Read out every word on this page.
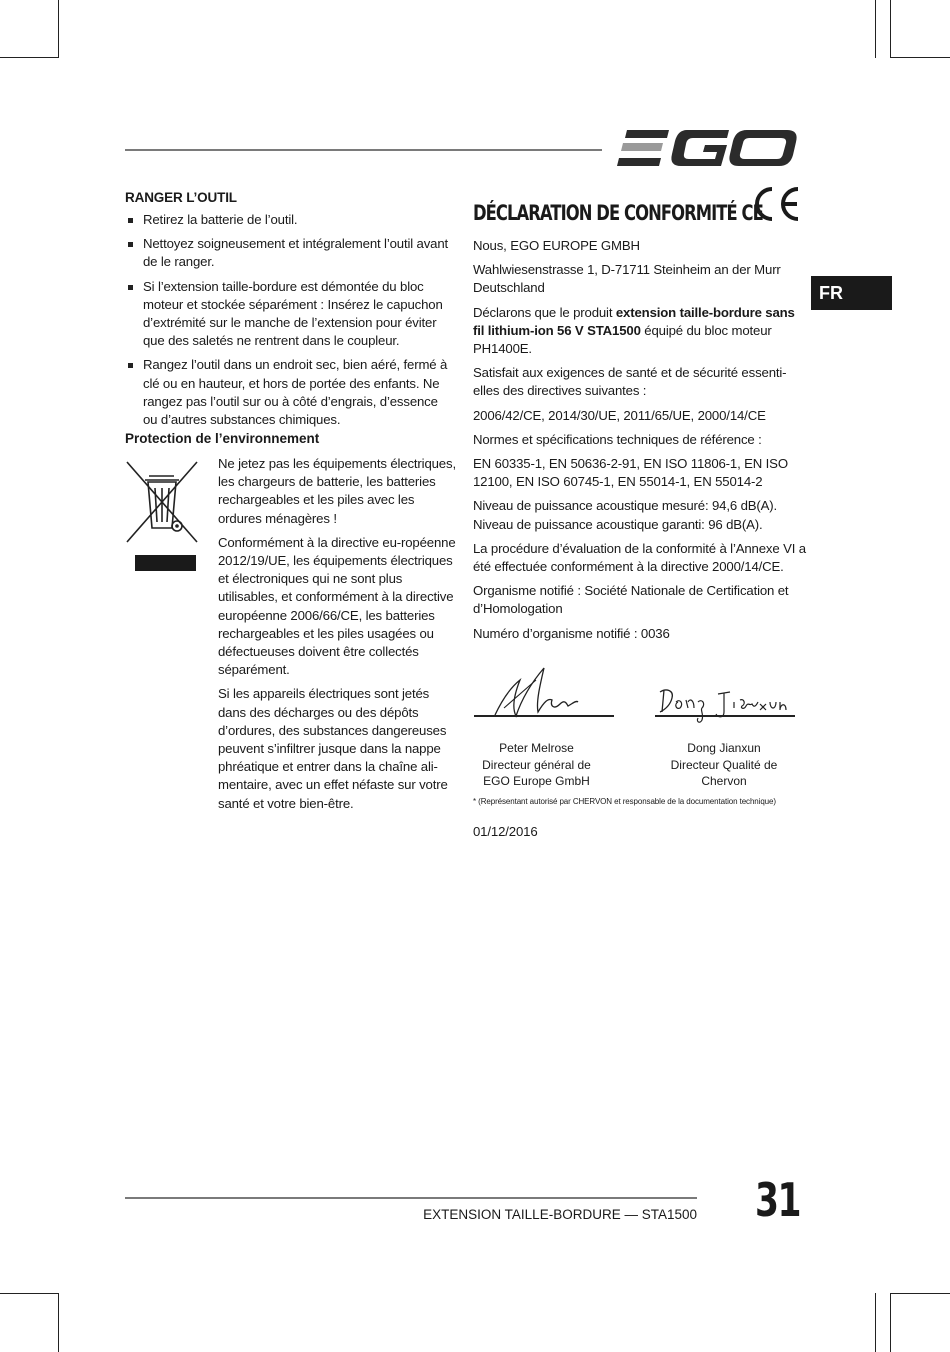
FR
RANGER L’OUTIL
Retirez la batterie de l’outil.
Nettoyez soigneusement et intégralement l’outil avant de le ranger.
Si l’extension taille-bordure est démontée du bloc moteur et stockée séparément : Insérez le capuchon d’extrémité sur le manche de l’extension pour éviter que des saletés ne rentrent dans le coupleur.
Rangez l’outil dans un endroit sec, bien aéré, fermé à clé ou en hauteur, et hors de portée des enfants. Ne rangez pas l’outil sur ou à côté d’engrais, d’essence ou d’autres substances chimiques.
Protection de l’environnement

Ne jetez pas les équipements électriques, les chargeurs de batterie, les batteries rechargeables et les piles avec les ordures ménagères !

Conformément à la directive eu-ropéenne 2012/19/UE, les équipements électriques et électroniques qui ne sont plus utilisables, et conformément à la directive européenne 2006/66/CE, les batteries rechargeables et les piles usagées ou défectueuses doivent être collectés séparément.

Si les appareils électriques sont jetés dans des décharges ou des dépôts d’ordures, des substances dangereuses peuvent s’infiltrer jusque dans la nappe phréatique et entrer dans la chaîne ali-mentaire, avec un effet néfaste sur votre santé et votre bien-être.

DÉCLARATION DE CONFORMITÉ CE

Nous, EGO EUROPE GMBH

Wahlwiesenstrasse 1, D-71711 Steinheim an der Murr Deutschland

Déclarons que le produit extension taille-bordure sans fil lithium-ion 56 V STA1500 équipé du bloc moteur PH1400E.

Satisfait aux exigences de santé et de sécurité essenti-elles des directives suivantes :

2006/42/CE, 2014/30/UE, 2011/65/UE, 2000/14/CE

Normes et spécifications techniques de référence :

EN 60335-1, EN 50636-2-91, EN ISO 11806-1, EN ISO 12100, EN ISO 60745-1, EN 55014-1, EN 55014-2

Niveau de puissance acoustique mesuré: 94,6 dB(A).
Niveau de puissance acoustique garanti: 96 dB(A).

La procédure d’évaluation de la conformité à l’Annexe VI a été effectuée conformément à la directive 2000/14/CE.

Organisme notifié : Société Nationale de Certification et d’Homologation

Numéro d’organisme notifié : 0036

Peter Melrose
Directeur général de
EGO Europe GmbH
Dong Jianxun
Directeur Qualité de Chervon
* (Représentant autorisé par CHERVON et responsable de la documentation technique)
01/12/2016
EXTENSION TAILLE-BORDURE — STA1500	31
